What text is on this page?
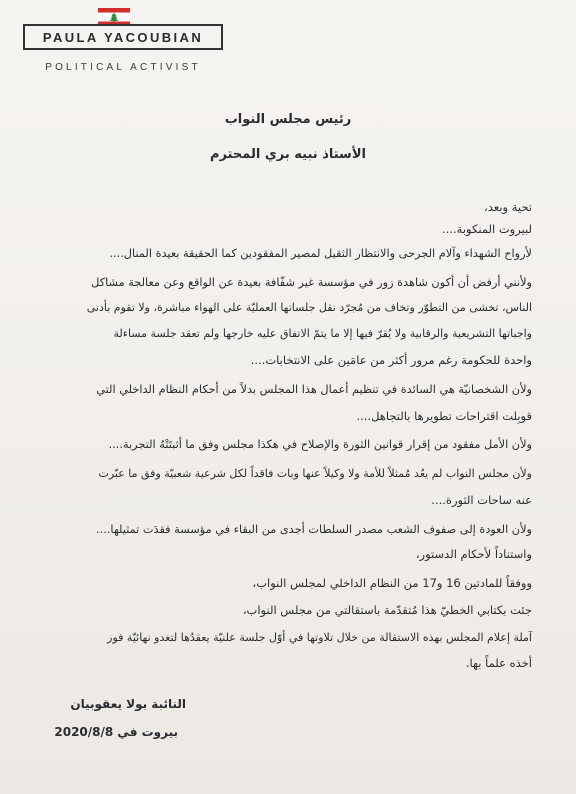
PAULA YACOUBIAN
POLITICAL ACTIVIST
رئيس مجلس النواب
الأستاذ نبيه بري المحترم
تحية وبعد،
لبيروت المنكوبة....
لأرواح الشهداء وآلام الجرحى والانتظار الثقيل لمصير المفقودين كما الحقيقة بعيدة المنال....
ولأنني أرفض أن أكون شاهدة زور في مؤسسة غير شفّافة بعيدة عن الواقع وعن معالجة مشاكل
الناس، تخشى من التطوّر وتخاف من مُجرّد نقل جلساتها العمليّة على الهواء مباشرة، ولا تقوم بأدنى
واجباتها التشريعية والرقابية ولا يُقرّ فيها إلا ما يتمّ الاتفاق عليه خارجها ولم تعقد جلسة مساءلة
واحدة للحكومة رغم مرور أكثر من عامَين على الانتخابات....
ولأن الشخصانيّة هي السائدة في تنظيم أعمال هذا المجلس بدلاً من أحكام النظام الداخلي التي
قوبِلت اقتراحات تطويرها بالتجاهل....
ولأن الأمل مفقود من إقرار قوانين الثورة والإصلاح في هكذا مجلس وفق ما أثبتَتْهُ التجربة....
ولأن مجلس النواب لم يعُد مُمثلاً للأمة ولا وكيلاً عنها وبات فاقداً لكل شرعية شعبيّة وفق ما عبّرت
عنه ساحات الثورة....
ولأن العودة إلى صفوف الشعب مصدر السلطات أجدى من البقاء في مؤسسة فقدَت تمثيلها....
واستناداً لأحكام الدستور،
ووفقاً للمادتين 16 و17 من النظام الداخلي لمجلس النواب،
جئت بكتابي الخطيّ هذا مُتقدّمة باستقالتي من مجلس النواب،
آملة إعلام المجلس بهذه الاستقالة من خلال تلاوتها في أوّل جلسة علنيّة يعقدُها لتغدو نهائيّة فور
أخذه علماً بها.
النائبة بولا يعقوبيان
بيروت في 2020/8/8
